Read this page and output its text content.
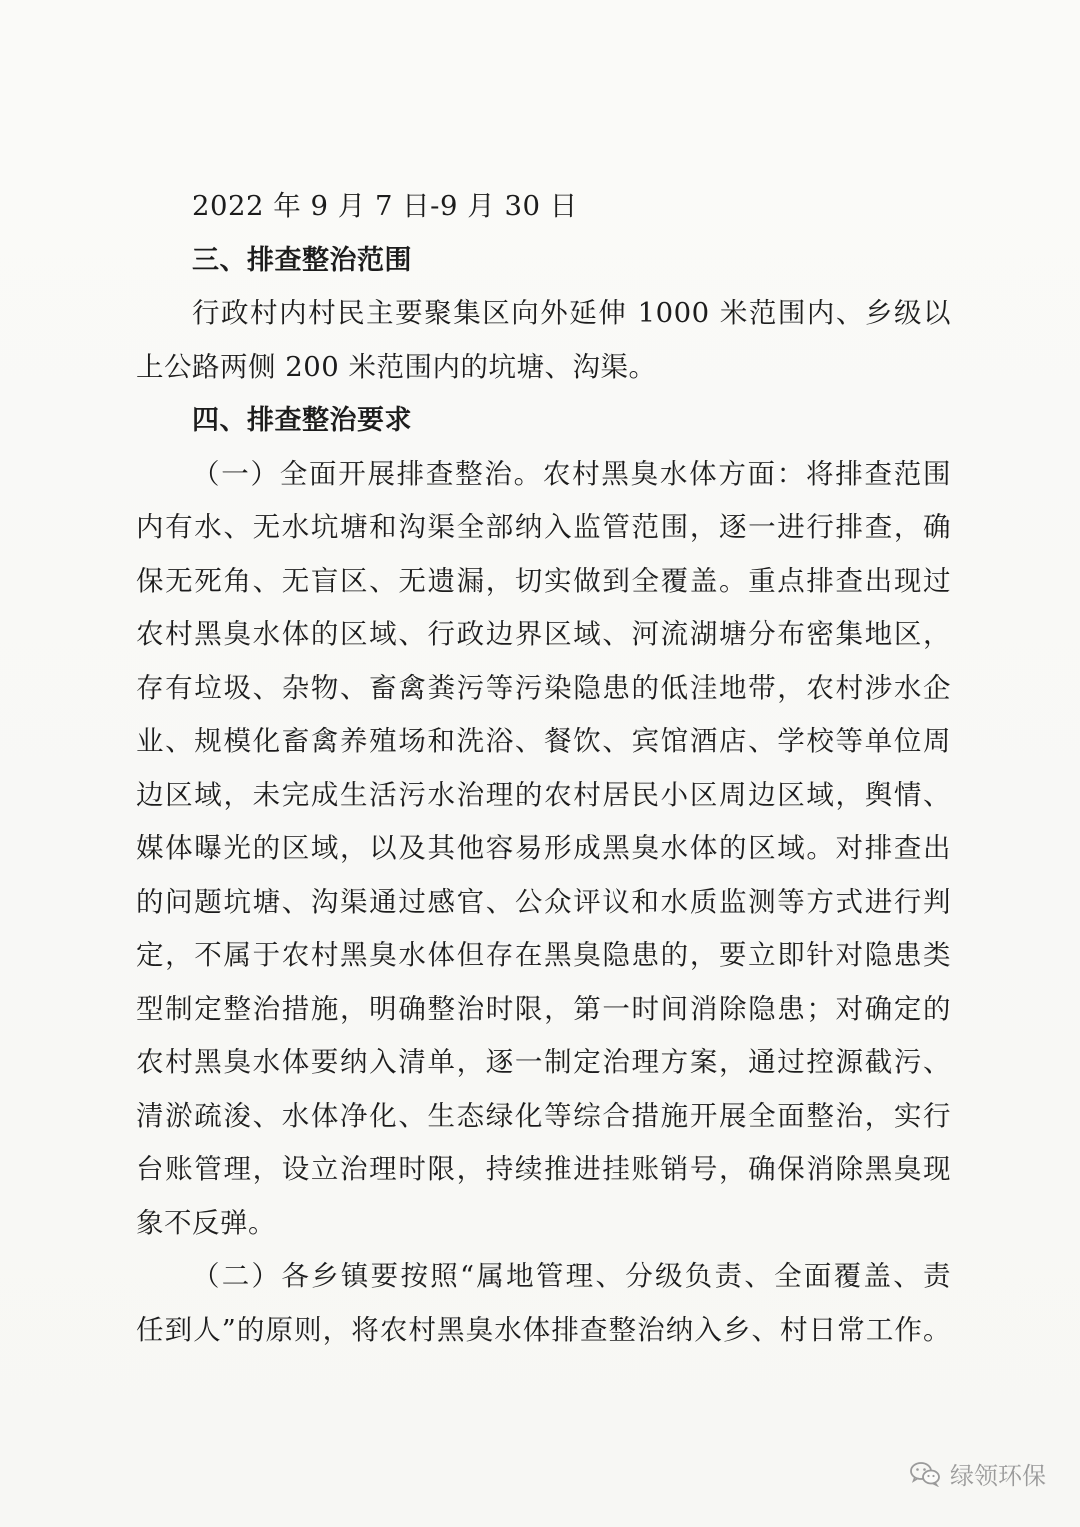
2022 年 9 月 7 日-9 月 30 日
三、排查整治范围
行政村内村民主要聚集区向外延伸 1000 米范围内、乡级以
上公路两侧 200 米范围内的坑塘、沟渠。
四、排查整治要求
（一）全面开展排查整治。农村黑臭水体方面：将排查范围
内有水、无水坑塘和沟渠全部纳入监管范围，逐一进行排查，确
保无死角、无盲区、无遗漏，切实做到全覆盖。重点排查出现过
农村黑臭水体的区域、行政边界区域、河流湖塘分布密集地区，
存有垃圾、杂物、畜禽粪污等污染隐患的低洼地带，农村涉水企
业、规模化畜禽养殖场和洗浴、餐饮、宾馆酒店、学校等单位周
边区域，未完成生活污水治理的农村居民小区周边区域，舆情、
媒体曝光的区域，以及其他容易形成黑臭水体的区域。对排查出
的问题坑塘、沟渠通过感官、公众评议和水质监测等方式进行判
定，不属于农村黑臭水体但存在黑臭隐患的，要立即针对隐患类
型制定整治措施，明确整治时限，第一时间消除隐患；对确定的
农村黑臭水体要纳入清单，逐一制定治理方案，通过控源截污、
清淤疏浚、水体净化、生态绿化等综合措施开展全面整治，实行
台账管理，设立治理时限，持续推进挂账销号，确保消除黑臭现
象不反弹。
（二）各乡镇要按照“属地管理、分级负责、全面覆盖、责
任到人”的原则，将农村黑臭水体排查整治纳入乡、村日常工作。
绿领环保
